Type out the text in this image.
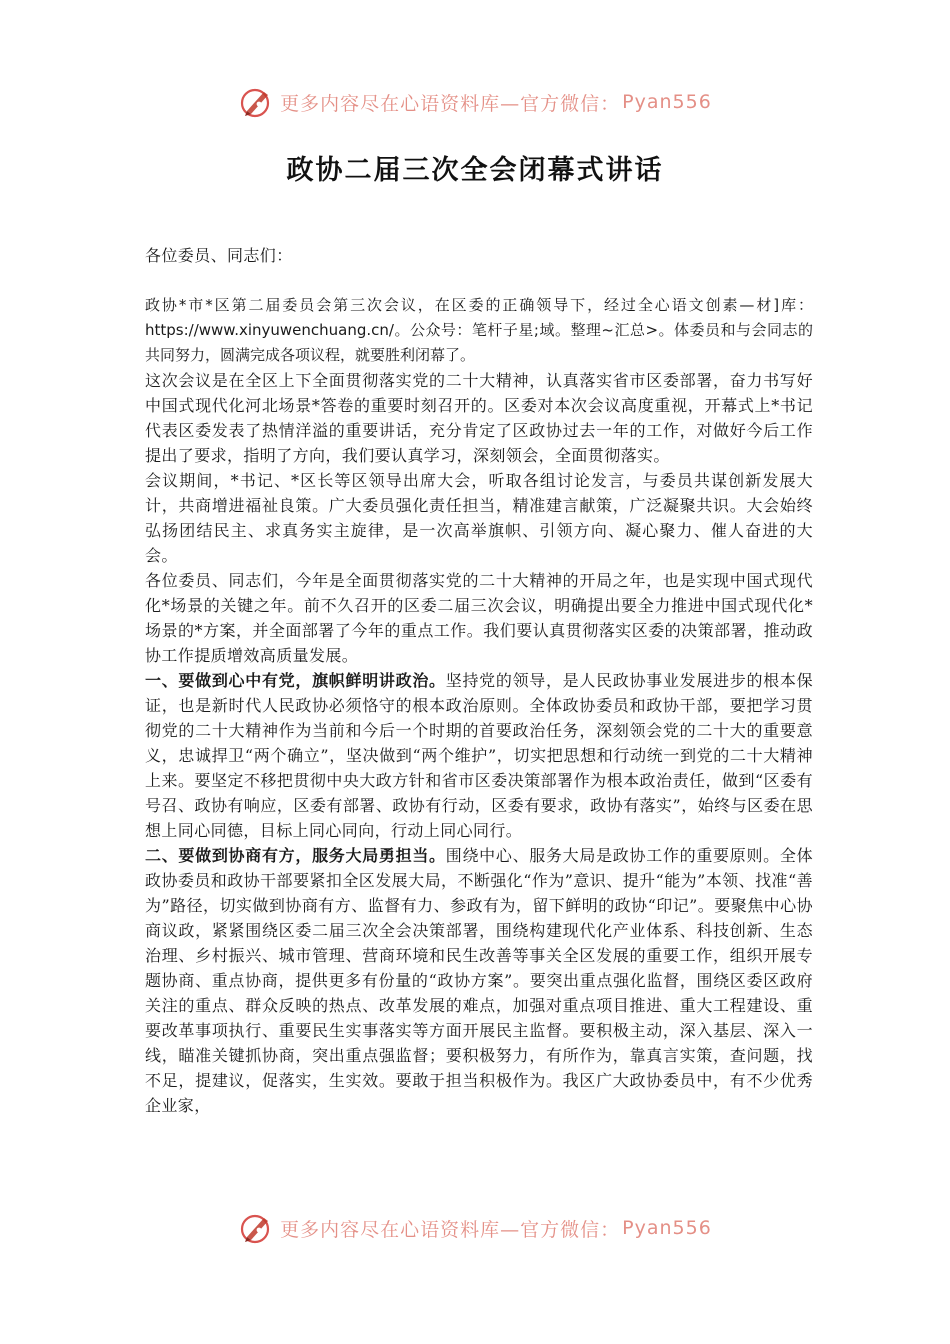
更多内容尽在心语资料库—官方微信： Pyan556
政协二届三次全会闭幕式讲话

各位委员、同志们：

政协*市*区第二届委员会第三次会议，在区委的正确领导下，经过全心语文创素—材]库：https://www.xinyuwenchuang.cn/。公众号：笔杆子星;域。整理~汇总>。体委员和与会同志的共同努力，圆满完成各项议程，就要胜利闭幕了。

这次会议是在全区上下全面贯彻落实党的二十大精神，认真落实省市区委部署，奋力书写好中国式现代化河北场景*答卷的重要时刻召开的。区委对本次会议高度重视，开幕式上*书记代表区委发表了热情洋溢的重要讲话，充分肯定了区政协过去一年的工作，对做好今后工作提出了要求，指明了方向，我们要认真学习，深刻领会，全面贯彻落实。

会议期间，*书记、*区长等区领导出席大会，听取各组讨论发言，与委员共谋创新发展大计，共商增进福祉良策。广大委员强化责任担当，精准建言献策，广泛凝聚共识。大会始终弘扬团结民主、求真务实主旋律，是一次高举旗帜、引领方向、凝心聚力、催人奋进的大会。

各位委员、同志们，今年是全面贯彻落实党的二十大精神的开局之年，也是实现中国式现代化*场景的关键之年。前不久召开的区委二届三次会议，明确提出要全力推进中国式现代化*场景的*方案，并全面部署了今年的重点工作。我们要认真贯彻落实区委的决策部署，推动政协工作提质增效高质量发展。

一、要做到心中有党，旗帜鲜明讲政治。坚持党的领导，是人民政协事业发展进步的根本保证，也是新时代人民政协必须恪守的根本政治原则。全体政协委员和政协干部，要把学习贯彻党的二十大精神作为当前和今后一个时期的首要政治任务，深刻领会党的二十大的重要意义，忠诚捍卫“两个确立”，坚决做到“两个维护”，切实把思想和行动统一到党的二十大精神上来。要坚定不移把贯彻中央大政方针和省市区委决策部署作为根本政治责任，做到“区委有号召、政协有响应，区委有部署、政协有行动，区委有要求，政协有落实”，始终与区委在思想上同心同德，目标上同心同向，行动上同心同行。

二、要做到协商有方，服务大局勇担当。围绕中心、服务大局是政协工作的重要原则。全体政协委员和政协干部要紧扣全区发展大局，不断强化“作为”意识、提升“能为”本领、找准“善为”路径，切实做到协商有方、监督有力、参政有为，留下鲜明的政协“印记”。要聚焦中心协商议政，紧紧围绕区委二届三次全会决策部署，围绕构建现代化产业体系、科技创新、生态治理、乡村振兴、城市管理、营商环境和民生改善等事关全区发展的重要工作，组织开展专题协商、重点协商，提供更多有份量的“政协方案”。要突出重点强化监督，围绕区委区政府关注的重点、群众反映的热点、改革发展的难点，加强对重点项目推进、重大工程建设、重要改革事项执行、重要民生实事落实等方面开展民主监督。要积极主动，深入基层、深入一线，瞄准关键抓协商，突出重点强监督；要积极努力，有所作为，靠真言实策，查问题，找不足，提建议，促落实，生实效。要敢于担当积极作为。我区广大政协委员中，有不少优秀企业家，

更多内容尽在心语资料库—官方微信： Pyan556
